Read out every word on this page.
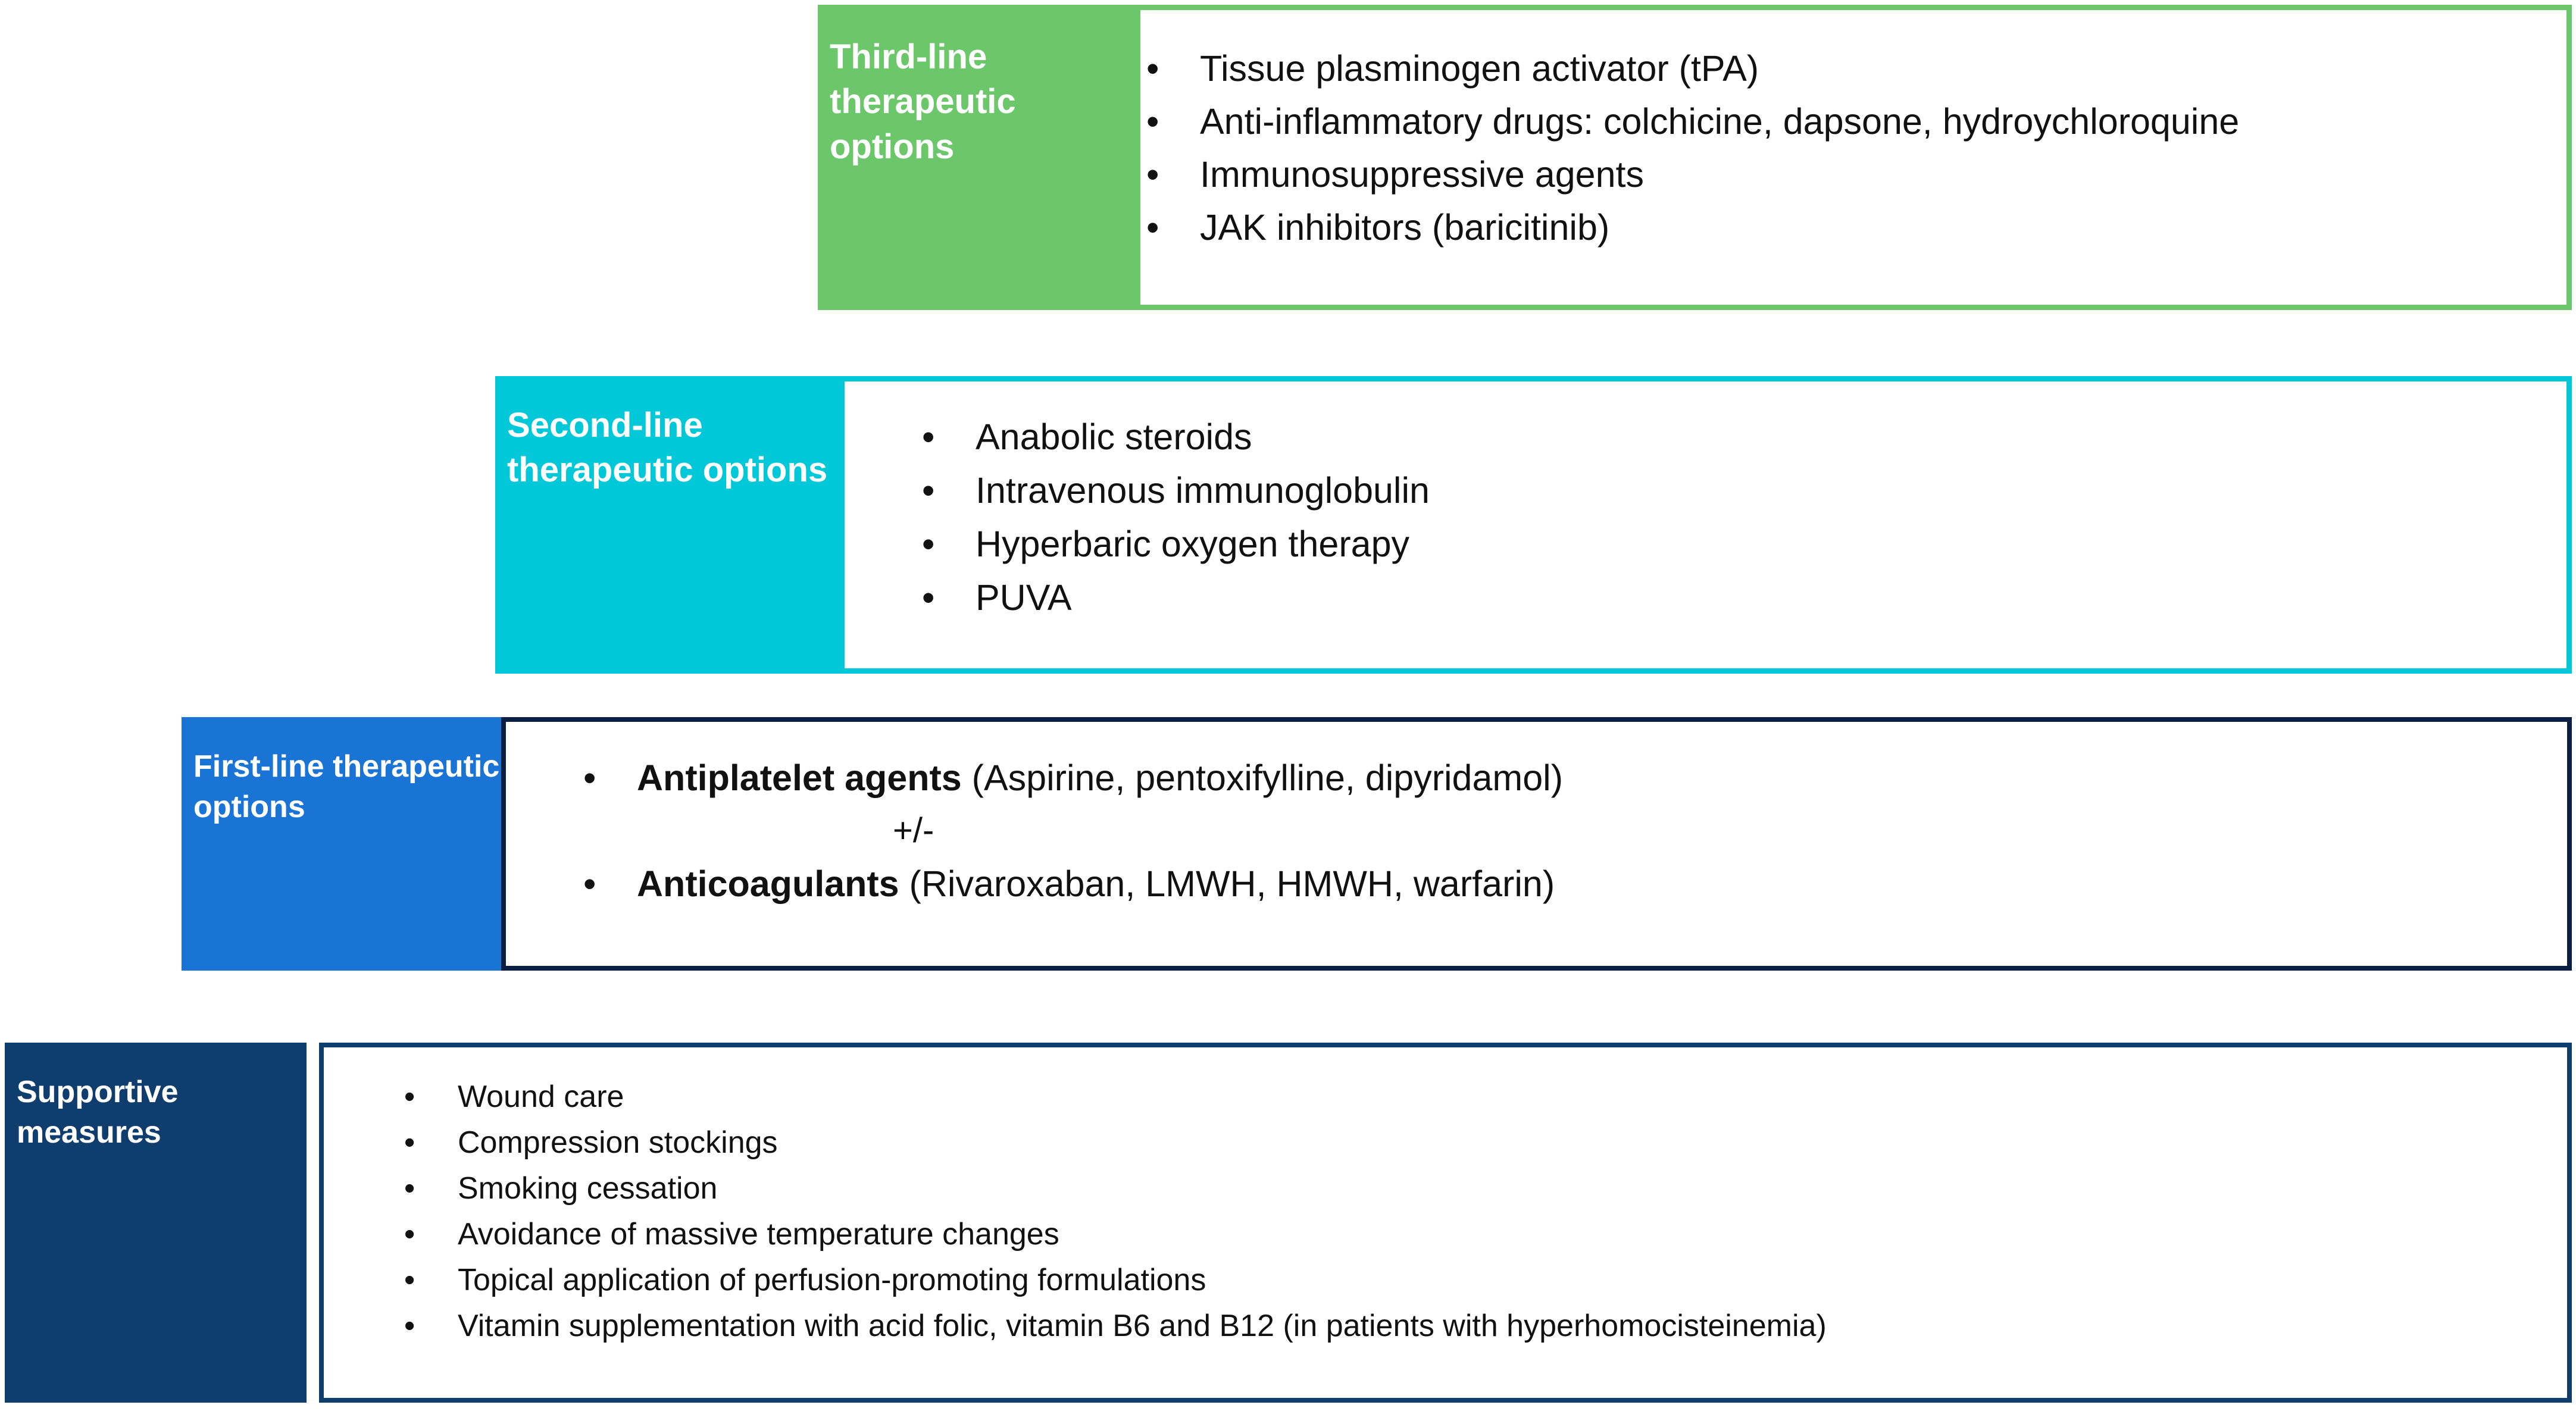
Third-line therapeutic options
• Tissue plasminogen activator (tPA)
• Anti-inflammatory drugs: colchicine, dapsone, hydroychloroquine
• Immunosuppressive agents
• JAK inhibitors (baricitinib)
Second-line therapeutic options
• Anabolic steroids
• Intravenous immunoglobulin
• Hyperbaric oxygen therapy
• PUVA
First-line therapeutic options
• Antiplatelet agents (Aspirine, pentoxifylline, dipyridamol)
+/-
• Anticoagulants (Rivaroxaban, LMWH, HMWH, warfarin)
Supportive measures
• Wound care
• Compression stockings
• Smoking cessation
• Avoidance of massive temperature changes
• Topical application of perfusion-promoting formulations
• Vitamin supplementation with acid folic, vitamin B6 and B12 (in patients with hyperhomocisteinemia)
